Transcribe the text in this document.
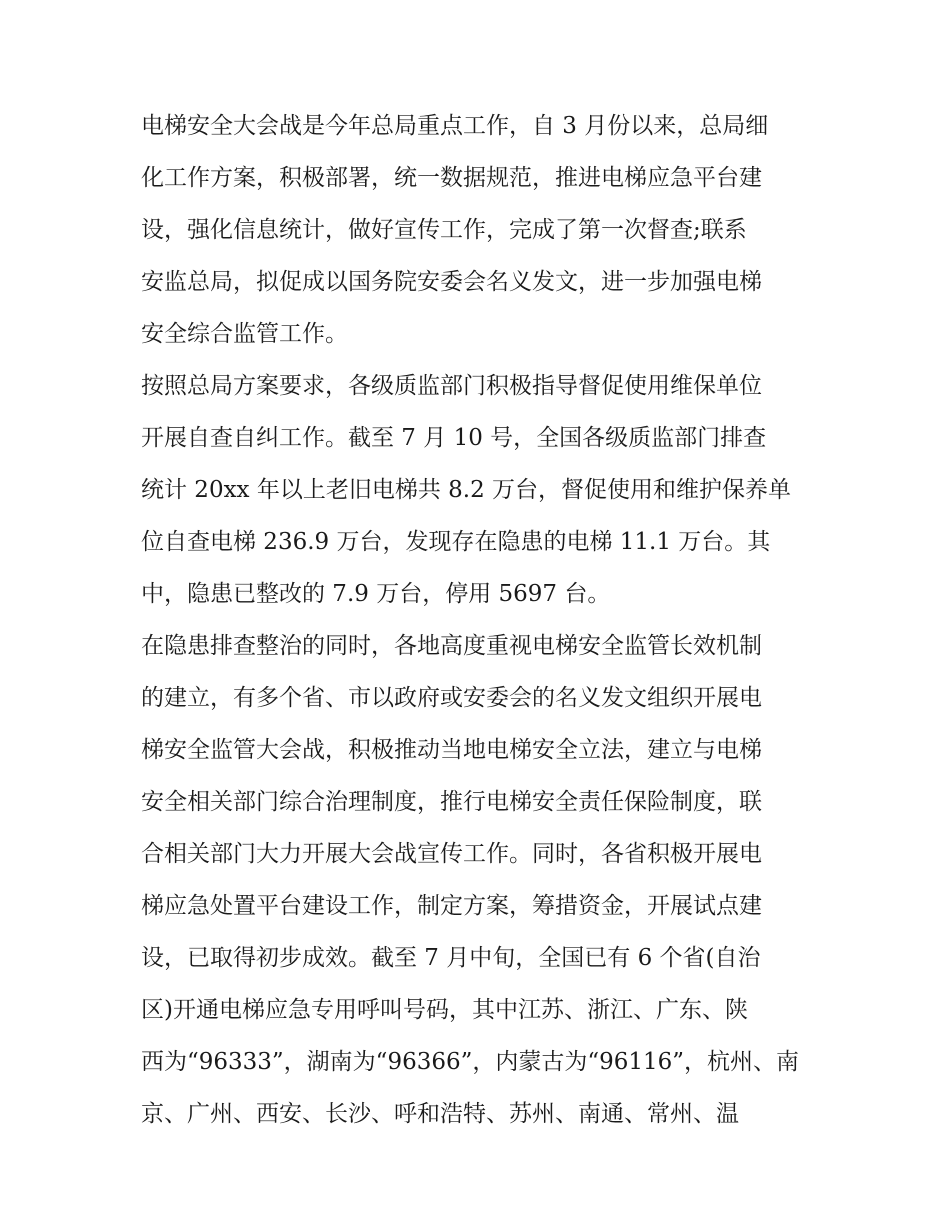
电梯安全大会战是今年总局重点工作，自 3 月份以来，总局细
化工作方案，积极部署，统一数据规范，推进电梯应急平台建
设，强化信息统计，做好宣传工作，完成了第一次督查;联系
安监总局，拟促成以国务院安委会名义发文，进一步加强电梯
安全综合监管工作。
按照总局方案要求，各级质监部门积极指导督促使用维保单位
开展自查自纠工作。截至 7 月 10 号，全国各级质监部门排查
统计 20xx 年以上老旧电梯共 8.2 万台，督促使用和维护保养单
位自查电梯 236.9 万台，发现存在隐患的电梯 11.1 万台。其
中，隐患已整改的 7.9 万台，停用 5697 台。
在隐患排查整治的同时，各地高度重视电梯安全监管长效机制
的建立，有多个省、市以政府或安委会的名义发文组织开展电
梯安全监管大会战，积极推动当地电梯安全立法，建立与电梯
安全相关部门综合治理制度，推行电梯安全责任保险制度，联
合相关部门大力开展大会战宣传工作。同时，各省积极开展电
梯应急处置平台建设工作，制定方案，筹措资金，开展试点建
设，已取得初步成效。截至 7 月中旬，全国已有 6 个省(自治
区)开通电梯应急专用呼叫号码，其中江苏、浙江、广东、陕
西为“96333”，湖南为“96366”，内蒙古为“96116”，杭州、南
京、广州、西安、长沙、呼和浩特、苏州、南通、常州、温
